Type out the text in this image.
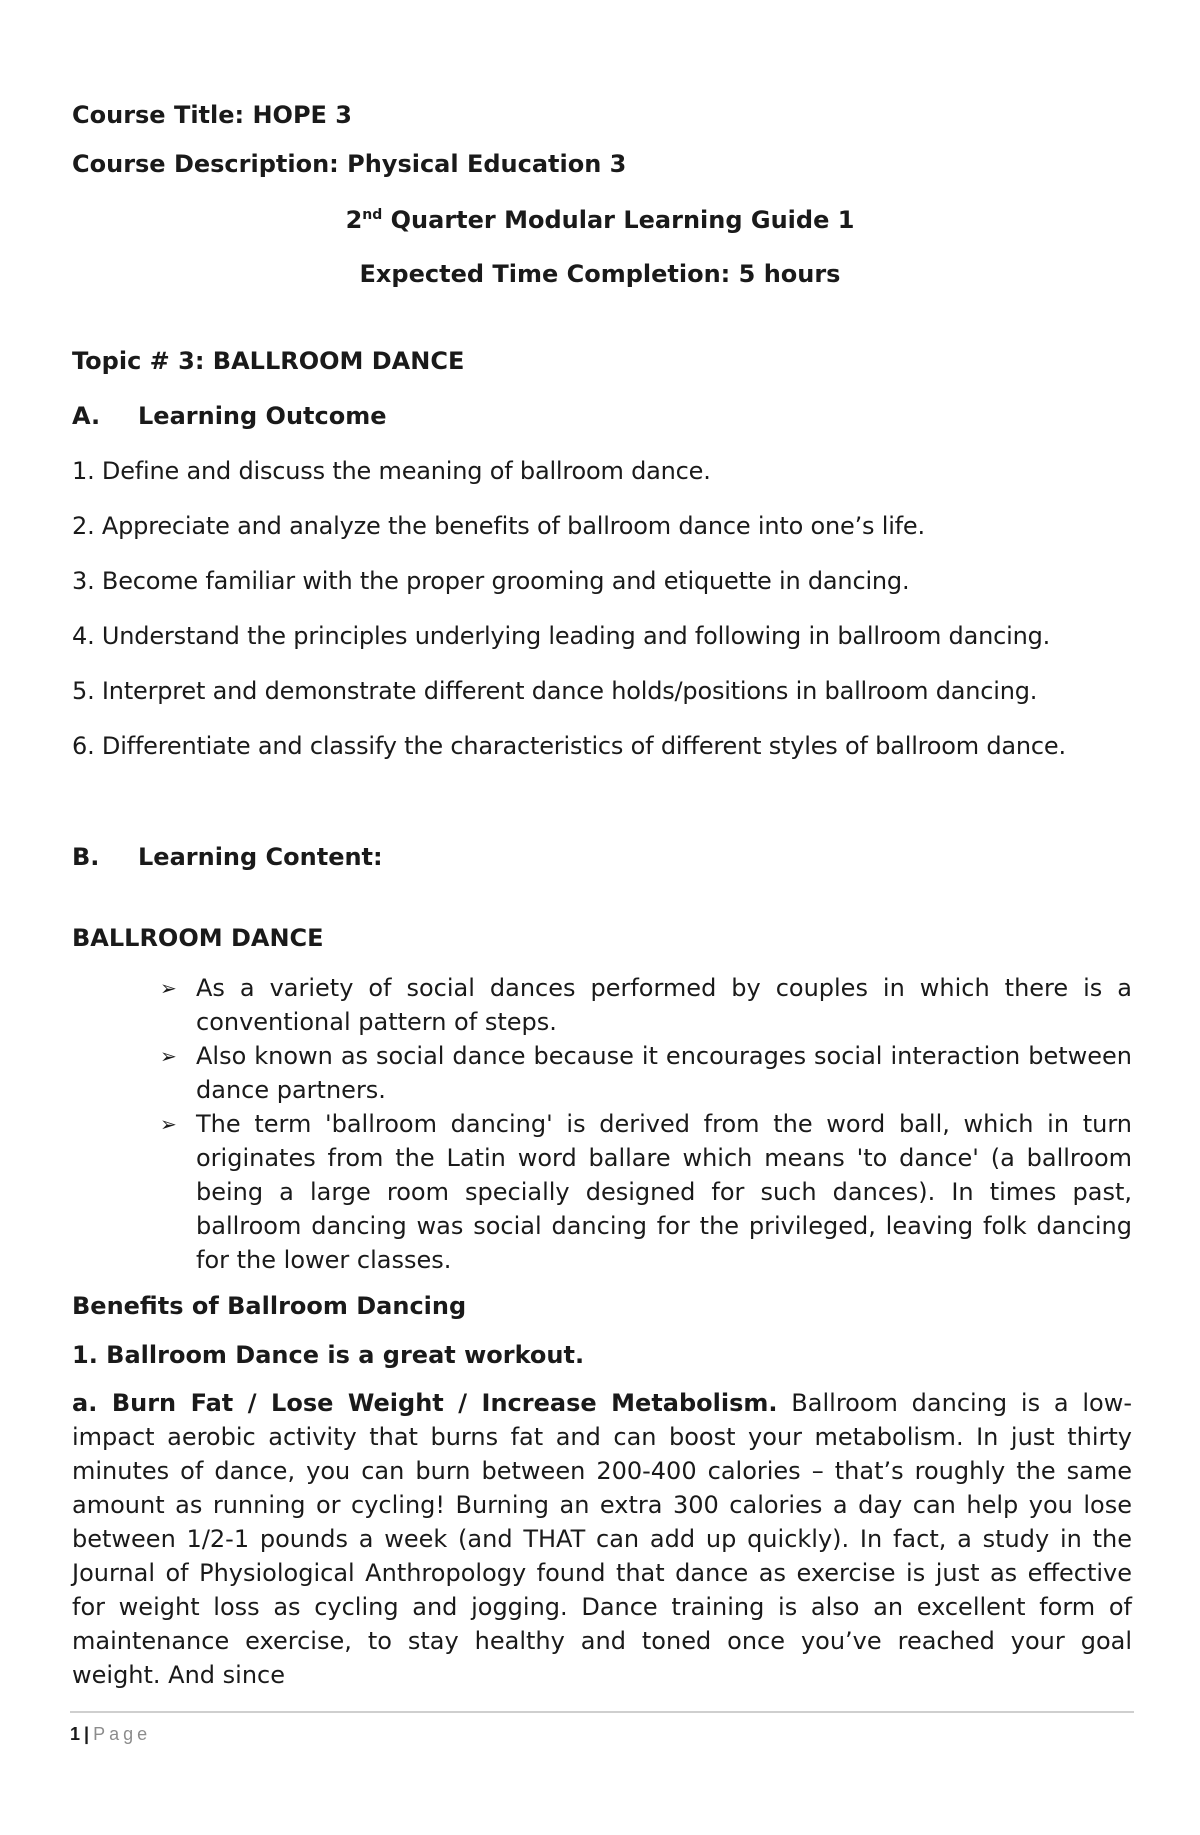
Course Title: HOPE 3
Course Description: Physical Education 3
2nd Quarter Modular Learning Guide 1
Expected Time Completion: 5 hours
Topic # 3: BALLROOM DANCE
A. Learning Outcome
1. Define and discuss the meaning of ballroom dance.
2. Appreciate and analyze the benefits of ballroom dance into one’s life.
3. Become familiar with the proper grooming and etiquette in dancing.
4. Understand the principles underlying leading and following in ballroom dancing.
5. Interpret and demonstrate different dance holds/positions in ballroom dancing.
6. Differentiate and classify the characteristics of different styles of ballroom dance.
B. Learning Content:
BALLROOM DANCE
➢ As a variety of social dances performed by couples in which there is a conventional pattern of steps.
➢ Also known as social dance because it encourages social interaction between dance partners.
➢ The term 'ballroom dancing' is derived from the word ball, which in turn originates from the Latin word ballare which means 'to dance' (a ballroom being a large room specially designed for such dances). In times past, ballroom dancing was social dancing for the privileged, leaving folk dancing for the lower classes.
Benefits of Ballroom Dancing
1. Ballroom Dance is a great workout.
a. Burn Fat / Lose Weight / Increase Metabolism. Ballroom dancing is a low-impact aerobic activity that burns fat and can boost your metabolism. In just thirty minutes of dance, you can burn between 200-400 calories – that’s roughly the same amount as running or cycling! Burning an extra 300 calories a day can help you lose between 1/2-1 pounds a week (and THAT can add up quickly). In fact, a study in the Journal of Physiological Anthropology found that dance as exercise is just as effective for weight loss as cycling and jogging. Dance training is also an excellent form of maintenance exercise, to stay healthy and toned once you’ve reached your goal weight. And since
1 | Page
